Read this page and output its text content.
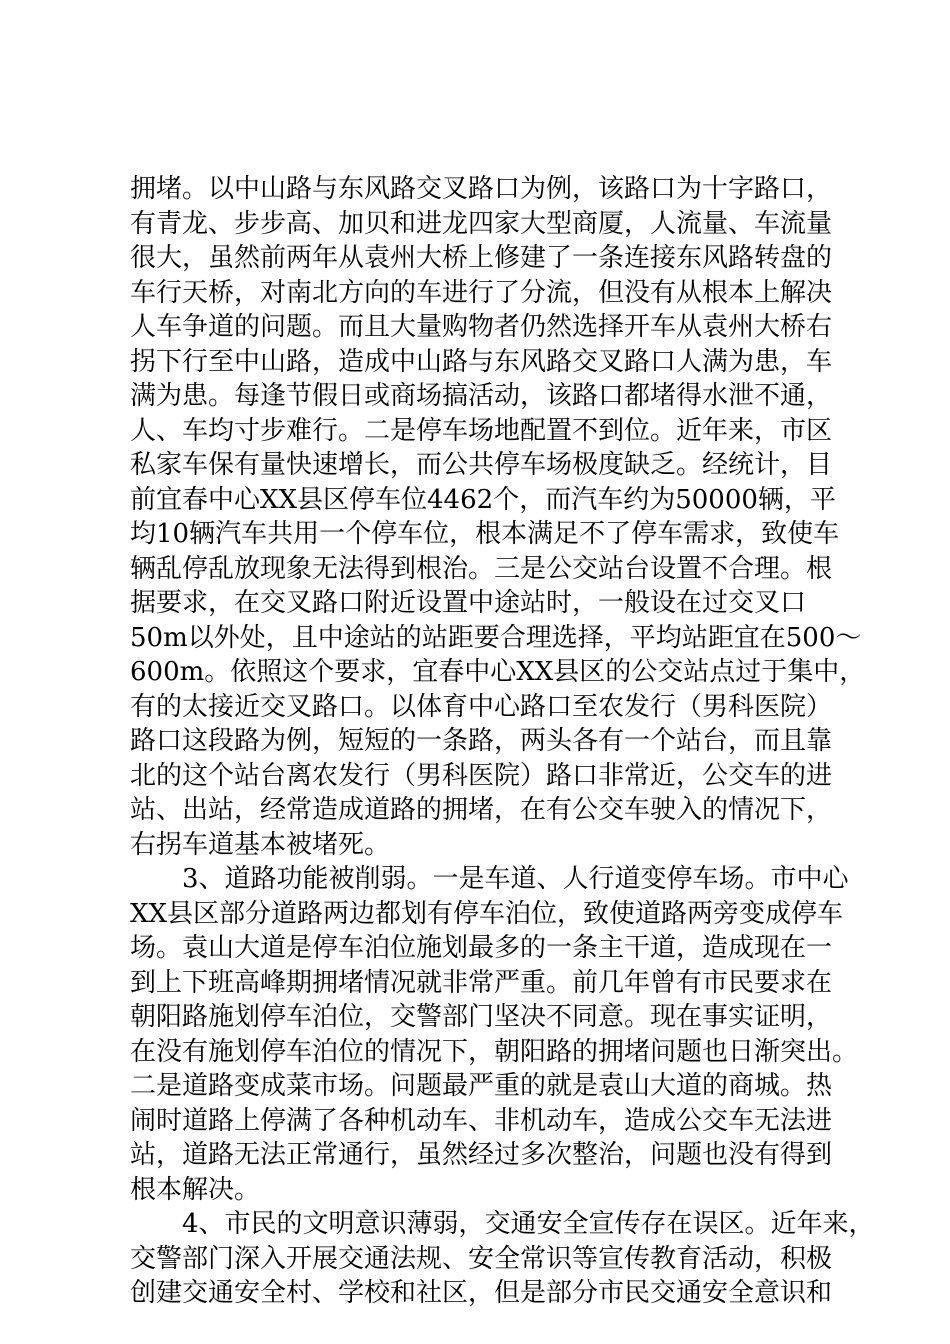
拥堵。以中山路与东风路交叉路口为例，该路口为十字路口，
有青龙、步步高、加贝和进龙四家大型商厦，人流量、车流量
很大，虽然前两年从袁州大桥上修建了一条连接东风路转盘的
车行天桥，对南北方向的车进行了分流，但没有从根本上解决
人车争道的问题。而且大量购物者仍然选择开车从袁州大桥右
拐下行至中山路，造成中山路与东风路交叉路口人满为患，车
满为患。每逢节假日或商场搞活动，该路口都堵得水泄不通，
人、车均寸步难行。二是停车场地配置不到位。近年来，市区
私家车保有量快速增长，而公共停车场极度缺乏。经统计，目
前宜春中心XX县区停车位4462个，而汽车约为50000辆，平
均10辆汽车共用一个停车位，根本满足不了停车需求，致使车
辆乱停乱放现象无法得到根治。三是公交站台设置不合理。根
据要求，在交叉路口附近设置中途站时，一般设在过交叉口
50m以外处，且中途站的站距要合理选择，平均站距宜在500～
600m。依照这个要求，宜春中心XX县区的公交站点过于集中，
有的太接近交叉路口。以体育中心路口至农发行（男科医院）
路口这段路为例，短短的一条路，两头各有一个站台，而且靠
北的这个站台离农发行（男科医院）路口非常近，公交车的进
站、出站，经常造成道路的拥堵，在有公交车驶入的情况下，
右拐车道基本被堵死。
3、道路功能被削弱。一是车道、人行道变停车场。市中心
XX县区部分道路两边都划有停车泊位，致使道路两旁变成停车
场。袁山大道是停车泊位施划最多的一条主干道，造成现在一
到上下班高峰期拥堵情况就非常严重。前几年曾有市民要求在
朝阳路施划停车泊位，交警部门坚决不同意。现在事实证明，
在没有施划停车泊位的情况下，朝阳路的拥堵问题也日渐突出。
二是道路变成菜市场。问题最严重的就是袁山大道的商城。热
闹时道路上停满了各种机动车、非机动车，造成公交车无法进
站，道路无法正常通行，虽然经过多次整治，问题也没有得到
根本解决。
4、市民的文明意识薄弱，交通安全宣传存在误区。近年来，
交警部门深入开展交通法规、安全常识等宣传教育活动，积极
创建交通安全村、学校和社区，但是部分市民交通安全意识和
